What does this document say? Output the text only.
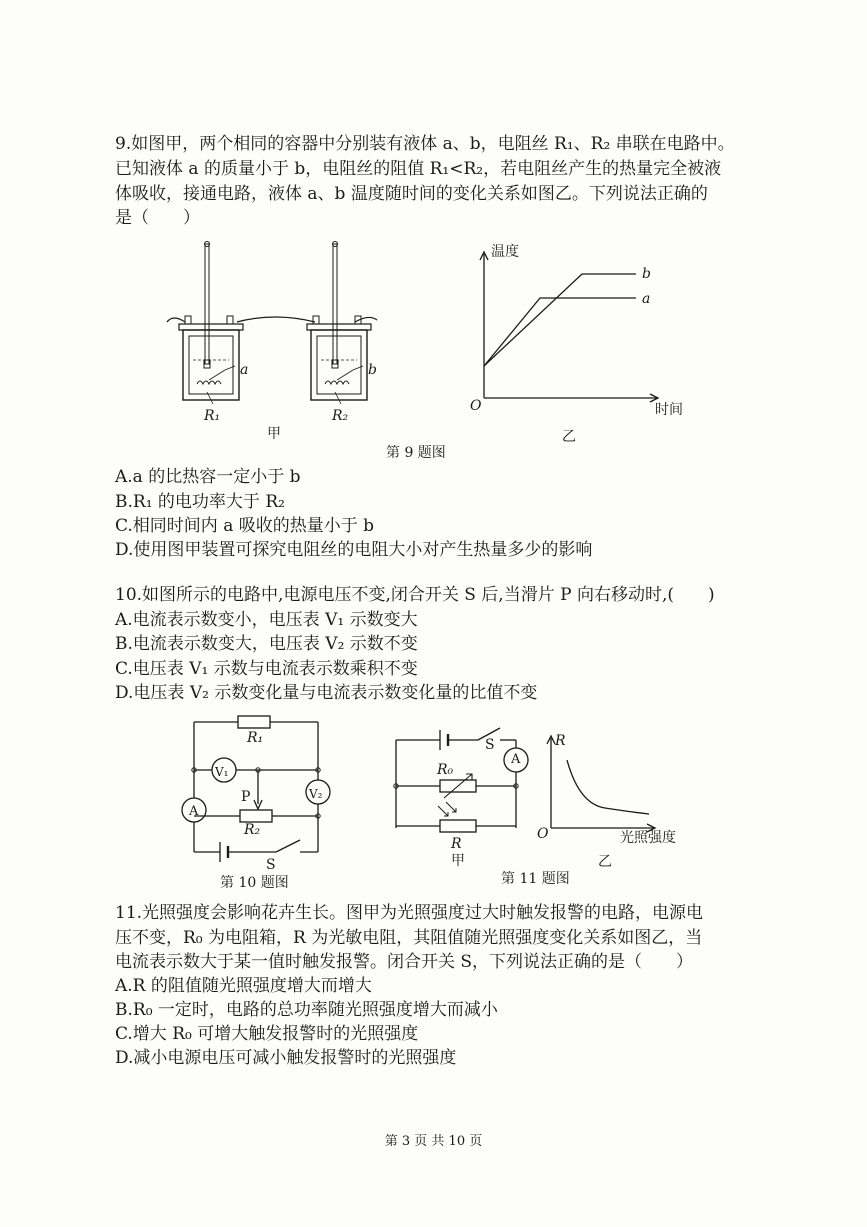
9.如图甲，两个相同的容器中分别装有液体 a、b，电阻丝 R₁、R₂ 串联在电路中。
已知液体 a 的质量小于 b，电阻丝的阻值 R₁<R₂，若电阻丝产生的热量完全被液
体吸收，接通电路，液体 a、b 温度随时间的变化关系如图乙。下列说法正确的
是（　　）
a	b
R₁	R₂
甲
温度
时间
O
b
a
乙
第 9 题图
A.a 的比热容一定小于 b
B.R₁ 的电功率大于 R₂
C.相同时间内 a 吸收的热量小于 b
D.使用图甲装置可探究电阻丝的电阻大小对产生热量多少的影响
10.如图所示的电路中,电源电压不变,闭合开关 S 后,当滑片 P 向右移动时,(　　)
A.电流表示数变小，电压表 V₁ 示数变大
B.电流表示数变大，电压表 V₂ 示数不变
C.电压表 V₁ 示数与电流表示数乘积不变
D.电压表 V₂ 示数变化量与电流表示数变化量的比值不变
R₁
V₁
V₂
A
P
R₂
S
第 10 题图
S
A
R₀
R
甲
R
O	光照强度
乙
第 11 题图
11.光照强度会影响花卉生长。图甲为光照强度过大时触发报警的电路，电源电
压不变，R₀ 为电阻箱，R 为光敏电阻，其阻值随光照强度变化关系如图乙，当
电流表示数大于某一值时触发报警。闭合开关 S，下列说法正确的是（　　）
A.R 的阻值随光照强度增大而增大
B.R₀ 一定时，电路的总功率随光照强度增大而减小
C.增大 R₀ 可增大触发报警时的光照强度
D.减小电源电压可减小触发报警时的光照强度
第 3 页 共 10 页
